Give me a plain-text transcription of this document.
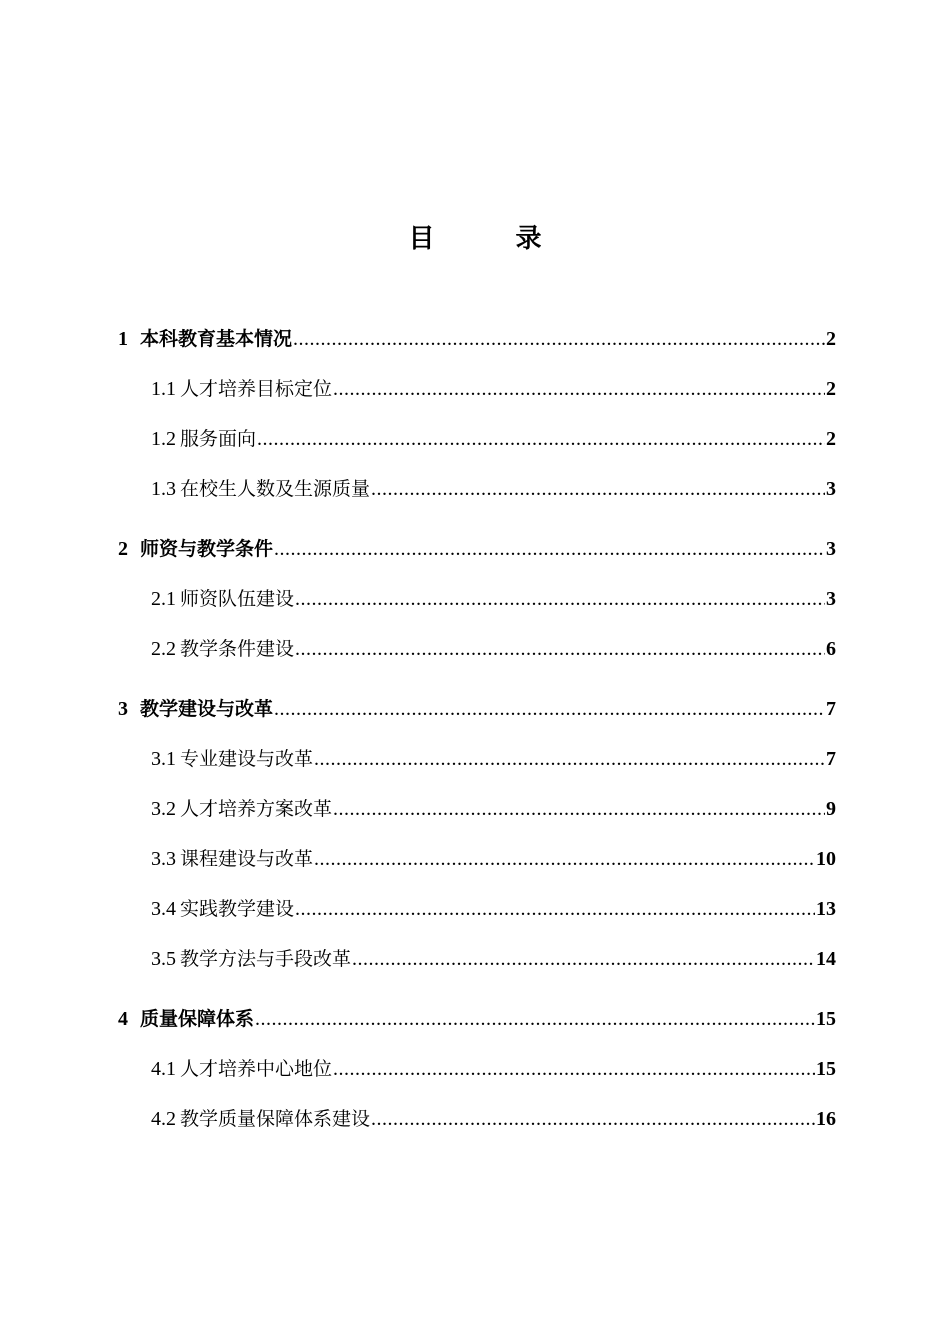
目 录
1 本科教育基本情况 .....	2
1.1 人才培养目标定位 .....	2
1.2 服务面向 .....	2
1.3 在校生人数及生源质量 .....	3
2 师资与教学条件 .....	3
2.1 师资队伍建设 .....	3
2.2 教学条件建设 .....	6
3 教学建设与改革 .....	7
3.1 专业建设与改革 .....	7
3.2 人才培养方案改革 .....	9
3.3 课程建设与改革 .....	10
3.4 实践教学建设 .....	13
3.5 教学方法与手段改革 .....	14
4 质量保障体系 .....	15
4.1 人才培养中心地位 .....	15
4.2 教学质量保障体系建设 .....	16
